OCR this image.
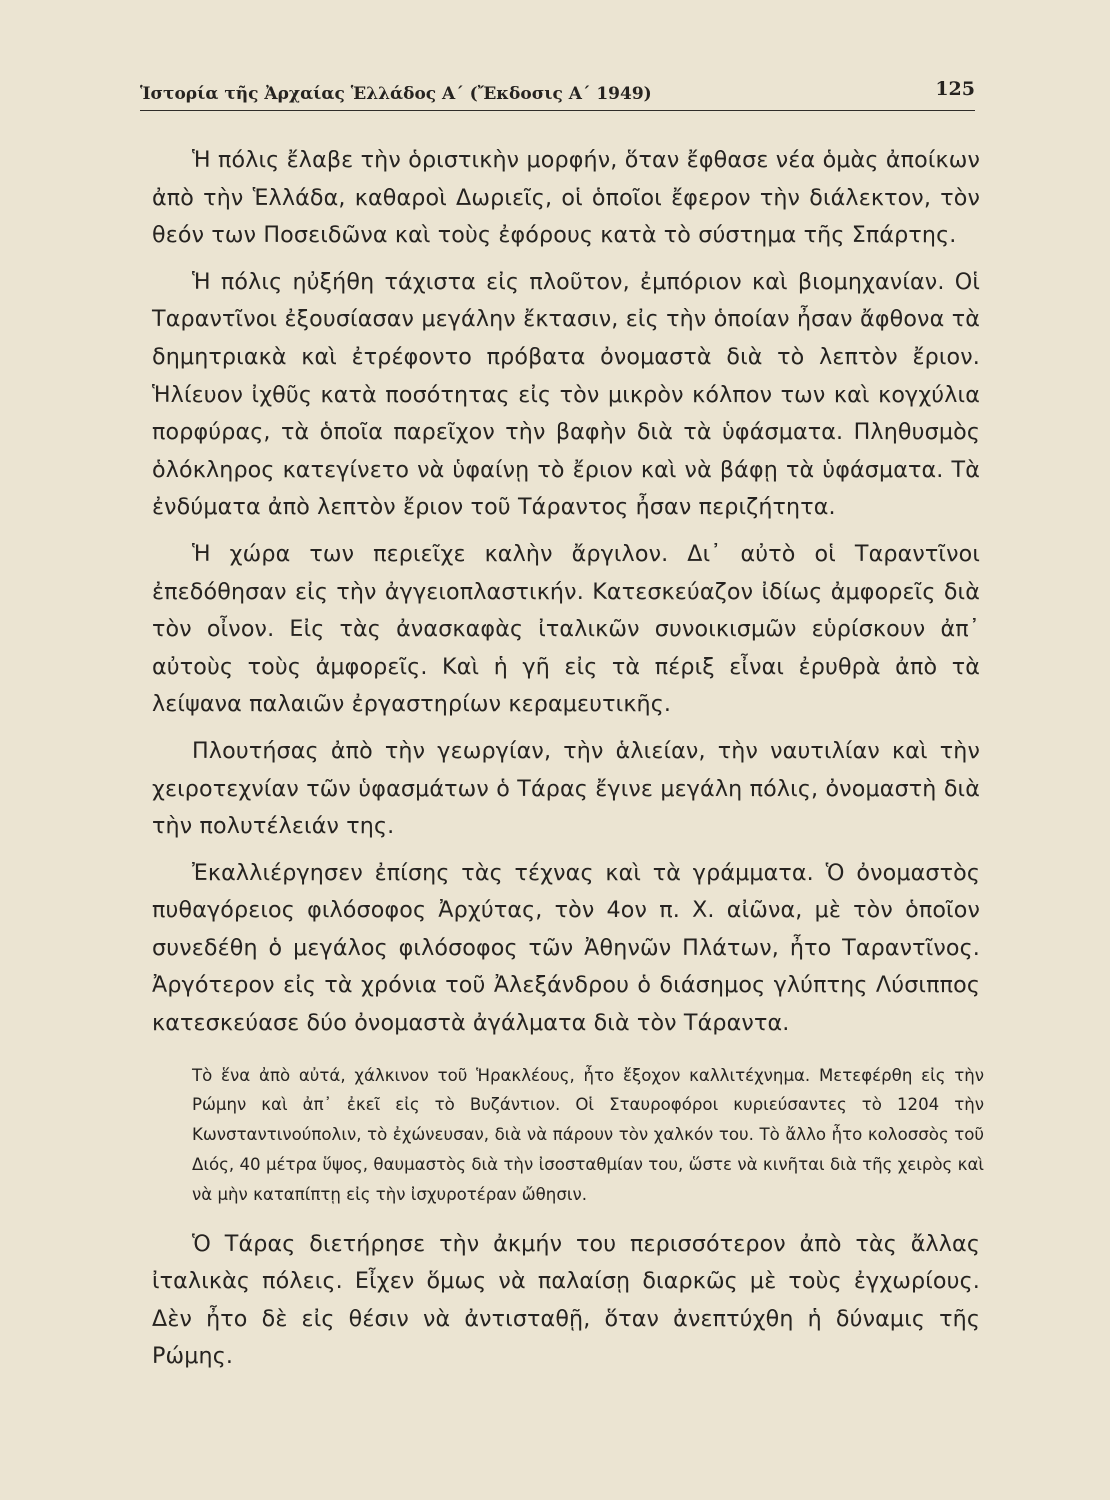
Ἱστορία τῆς Ἀρχαίας Ἑλλάδος Α΄ (Ἔκδοσις Α΄ 1949)	125

Ἡ πόλις ἔλαβε τὴν ὁριστικὴν μορφήν, ὅταν ἔφθασε νέα ὁμὰς ἀποίκων ἀπὸ τὴν Ἑλλάδα, καθαροὶ Δωριεῖς, οἱ ὁποῖοι ἔφερον τὴν διάλεκτον, τὸν θεόν των Ποσειδῶνα καὶ τοὺς ἐφόρους κατὰ τὸ σύστημα τῆς Σπάρτης.

Ἡ πόλις ηὐξήθη τάχιστα εἰς πλοῦτον, ἐμπόριον καὶ βιομηχανίαν. Οἱ Ταραντῖνοι ἐξουσίασαν μεγάλην ἔκτασιν, εἰς τὴν ὁποίαν ἦσαν ἄφθονα τὰ δημητριακὰ καὶ ἐτρέφοντο πρόβατα ὀνομαστὰ διὰ τὸ λεπτὸν ἔριον. Ἡλίευον ἰχθῦς κατὰ ποσότητας εἰς τὸν μικρὸν κόλπον των καὶ κογχύλια πορφύρας, τὰ ὁποῖα παρεῖχον τὴν βαφὴν διὰ τὰ ὑφάσματα. Πληθυσμὸς ὁλόκληρος κατεγίνετο νὰ ὑφαίνῃ τὸ ἔριον καὶ νὰ βάφῃ τὰ ὑφάσματα. Τὰ ἐνδύματα ἀπὸ λεπτὸν ἔριον τοῦ Τάραντος ἦσαν περιζήτητα.

Ἡ χώρα των περιεῖχε καλὴν ἄργιλον. Δι᾿ αὐτὸ οἱ Ταραντῖνοι ἐπεδόθησαν εἰς τὴν ἀγγειοπλαστικήν. Κατεσκεύαζον ἰδίως ἀμφορεῖς διὰ τὸν οἶνον. Εἰς τὰς ἀνασκαφὰς ἰταλικῶν συνοικισμῶν εὑρίσκουν ἀπ᾿ αὐτοὺς τοὺς ἀμφορεῖς. Καὶ ἡ γῆ εἰς τὰ πέριξ εἶναι ἐρυθρὰ ἀπὸ τὰ λείψανα παλαιῶν ἐργαστηρίων κεραμευτικῆς.

Πλουτήσας ἀπὸ τὴν γεωργίαν, τὴν ἁλιείαν, τὴν ναυτιλίαν καὶ τὴν χειροτεχνίαν τῶν ὑφασμάτων ὁ Τάρας ἔγινε μεγάλη πόλις, ὀνομαστὴ διὰ τὴν πολυτέλειάν της.

Ἐκαλλιέργησεν ἐπίσης τὰς τέχνας καὶ τὰ γράμματα. Ὁ ὀνομαστὸς πυθαγόρειος φιλόσοφος Ἀρχύτας, τὸν 4ον π. Χ. αἰῶνα, μὲ τὸν ὁποῖον συνεδέθη ὁ μεγάλος φιλόσοφος τῶν Ἀθηνῶν Πλάτων, ἦτο Ταραντῖνος. Ἀργότερον εἰς τὰ χρόνια τοῦ Ἀλεξάνδρου ὁ διάσημος γλύπτης Λύσιππος κατεσκεύασε δύο ὀνομαστὰ ἀγάλματα διὰ τὸν Τάραντα.

Τὸ ἕνα ἀπὸ αὐτά, χάλκινον τοῦ Ἡρακλέους, ἦτο ἔξοχον καλλιτέχνημα. Μετεφέρθη εἰς τὴν Ρώμην καὶ ἀπ᾿ ἐκεῖ εἰς τὸ Βυζάντιον. Οἱ Σταυροφόροι κυριεύσαντες τὸ 1204 τὴν Κωνσταντινούπολιν, τὸ ἐχώνευσαν, διὰ νὰ πάρουν τὸν χαλκόν του. Τὸ ἄλλο ἦτο κολοσσὸς τοῦ Διός, 40 μέτρα ὕψος, θαυμαστὸς διὰ τὴν ἰσοσταθμίαν του, ὥστε νὰ κινῆται διὰ τῆς χειρὸς καὶ νὰ μὴν καταπίπτῃ εἰς τὴν ἰσχυροτέραν ὤθησιν.

Ὁ Τάρας διετήρησε τὴν ἀκμήν του περισσότερον ἀπὸ τὰς ἄλλας ἰταλικὰς πόλεις. Εἶχεν ὅμως νὰ παλαίσῃ διαρκῶς μὲ τοὺς ἐγχωρίους. Δὲν ἦτο δὲ εἰς θέσιν νὰ ἀντισταθῇ, ὅταν ἀνεπτύχθη ἡ δύναμις τῆς Ρώμης.
